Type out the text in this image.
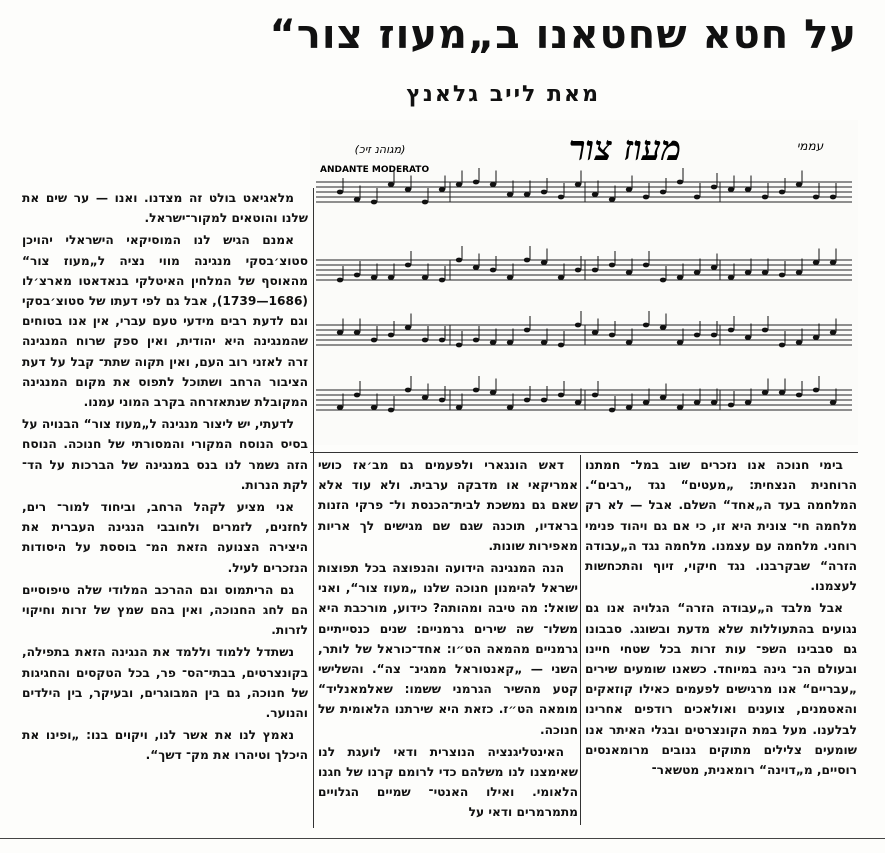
על חטא שחטאנו ב„מעוז צור“
מאת לייב גלאנץ
מעוז צור
(מגוהנ זיכ)	עממי
ANDANTE MODERATO

בימי חנוכה אנו נזכרים שוב במל־ חמתנו הרוחנית הנצחית: „מעטים“ נגד „רבים“. המלחמה בעד ה„אחד“ השלם. אבל — לא רק מלחמה חי־ צונית היא זו, כי אם גם ויהוד פנימי רוחני. מלחמה עם עצמנו. מלחמה נגד ה„עבודה הזרה“ שבקרבנו. נגד חיקוי, זיוף והתכחשות לעצמנו.

אבל מלבד ה„עבודה הזרה“ הגלויה אנו גם נגועים בהתעוללות שלא מדעת ובשוגג. סבבונו גם סבבינו השפ־ עות זרות בכל שטחי חיינו ובעולם הנ־ גינה במיוחד. כשאנו שומעים שירים „עבריים“ אנו מרגישים לפעמים כאילו קוזאקים והאטמנים, צוענים ואולאכים רודפים אחרינו לבלענו. מעל במת הקונצרטים ובגלי האיתר אנו שומעים צלילים מתוקים גנובים מרומאנסים רוסיים, מ„דוינה“ רומאנית, מטשאר־

דאש הונגארי ולפעמים גם מב׳אז כושי אמריקאי או מדבקה ערבית. ולא עוד אלא שאם גם נמשכת לבית־הכנסת ול־ פרקי הזנות בראדיו, תוכנה שגם שם מגישים לך אריות מאפירות שונות.

הנה המנגינה הידועה והנפוצה בכל תפוצות ישראל להימנון חנוכה שלנו „מעוז צור“, ואני שואל: מה טיבה ומהותה? כידוע, מורכבת היא משלו־ שה שירים גרמניים: שנים כנסייתיים גרמניים מהמאה הט״ו: אחד־כוראל של לותר, השני — „קאנטוראל ממגינ־ צה“. והשלישי קטע מהשיר הגרמני ששמו: שאלמאנליד“ מומאה הט״ז. כזאת היא שירתנו הלאומית של חנוכה.

האינטליגנציה הנוצרית ודאי לועגת לנו שאימצנו לנו משלהם כדי לרומם קרנו של חגנו הלאומי. ואילו האנטי־ שמיים הגלויים מתמרמרים ודאי על

מלאגיאט בולט זה מצדנו. ואנו — ער שים את שלנו והוטאים למקור־ישראל.

אמנם הגיש לנו המוסיקאי הישראלי יהויכן סטוצ׳בסקי מנגינה מווי נציה ל„מעוז צור“ מהאוסף של המלחין האיטלקי בנאדאטו מארצ׳לו (1686—1739), אבל גם לפי דעתו של סטוצ׳בסקי וגם לדעת רבים מידעי טעם עברי, אין אנו בטוחים שהמנגינה היא יהודית, ואין ספק שרוח המנגינה זרה לאזני רוב העם, ואין תקוה שתת־ קבל על דעת הציבור הרחב ושתוכל לתפוס את מקום המנגינה המקובלת שנתאזרחה בקרב המוני עמנו.

לדעתי, יש ליצור מנגינה ל„מעוז צור“ הבנויה על בסיס הנוסח המקורי והמסורתי של חנוכה. הנוסח הזה נשמר לנו בנס במנגינה של הברכות על הד־ לקת הנרות.

אני מציע לקהל הרחב, וביחוד למור־ רים, לחזנים, לזמרים ולחובבי הנגינה העברית את היצירה הצנועה הזאת המ־ בוססת על היסודות הנזכרים לעיל.

גם הריתמוס וגם ההרכב המלודי שלה טיפוסיים הם לחג החנוכה, ואין בהם שמץ של זרות וחיקוי לזרות.

נשתדל ללמוד וללמד את הנגינה הזאת בתפילה, בקונצרטים, בבתי־הס־ פר, בכל הטקסים והחגיגות של חנוכה, גם בין המבוגרים, ובעיקר, בין הילדים והנוער.

נאמץ לנו את אשר לנו, ויקוים בנו: „ופינו את היכלך וטיהרו את מק־ דשך“.
